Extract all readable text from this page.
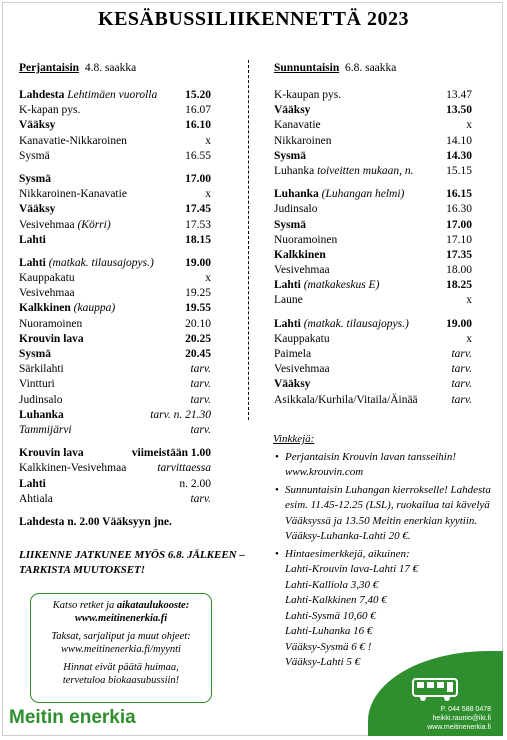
KESÄBUSSILIIKENNETTÄ 2023
Perjantaisin 4.8. saakka
Lahdesta Lehtimäen vuorolla 15.20
K-kapan pys.	16.07
Vääksy	16.10
Kanavatie-Nikkaroinen	x
Sysmä	16.55
Sysmä	17.00
Nikkaroinen-Kanavatie	x
Vääksy	17.45
Vesivehmaa (Körri)	17.53
Lahti	18.15
Lahti (matkak. tilausajopys.)	19.00
Kauppakatu	x
Vesivehmaa	19.25
Kalkkinen (kauppa)	19.55
Nuoramoinen	20.10
Krouvin lava	20.25
Sysmä	20.45
Särkilahti	tarv.
Vintturi	tarv.
Judinsalo	tarv.
Luhanka	tarv. n. 21.30
Tammijärvi	tarv.
Krouvin lava	viimeistään 1.00
Kalkkinen-Vesivehmaa	tarvittaessa
Lahti	n. 2.00
Ahtiala	tarv.
Lahdesta n. 2.00 Vääksyyn jne.
Sunnuntaisin 6.8. saakka
K-kaupan pys.	13.47
Vääksy	13.50
Kanavatie	x
Nikkaroinen	14.10
Sysmä	14.30
Luhanka toiveitten mukaan, n.	15.15
Luhanka (Luhangan helmi)	16.15
Judinsalo	16.30
Sysmä	17.00
Nuoramoinen	17.10
Kalkkinen	17.35
Vesivehmaa	18.00
Lahti (matkakeskus E)	18.25
Laune	x
Lahti (matkak. tilausajopys.)	19.00
Kauppakatu	x
Paimela	tarv.
Vesivehmaa	tarv.
Vääksy	tarv.
Asikkala/Kurhila/Vitaila/Äinää	tarv.
LIIKENNE JATKUNEE MYÖS 6.8. JÄLKEEN – TARKISTA MUUTOKSET!

Katso retket ja aikataulukooste:
www.meitinenerkia.fi

Taksat, sarjaliput ja muut ohjeet:
www.meitinenerkia.fi/myynti

Hinnat eivät päätä huimaa,
tervetuloa biokaasubussiin!

Meitin enerkia
Vinkkejä:
• Perjantaisin Krouvin lavan tansseihin! www.krouvin.com
• Sunnuntaisin Luhangan kierrokselle! Lahdesta esim. 11.45-12.25 (LSL), ruokailua tai kävelyä Vääksyssä ja 13.50 Meitin enerkian kyytiin. Vääksy-Luhanka-Lahti 20 €.
• Hintaesimerkkejä, aikuinen:
Lahti-Krouvin lava-Lahti 17 €
Lahti-Kalliola 3,30 €
Lahti-Kalkkinen 7,40 €
Lahti-Sysmä 10,60 €
Lahti-Luhanka 16 €
Vääksy-Sysmä 6 € !
Vääksy-Lahti 5 €
P. 044 588 0478
heikki.raunio@iki.fi
www.meitinenerkia.fi
